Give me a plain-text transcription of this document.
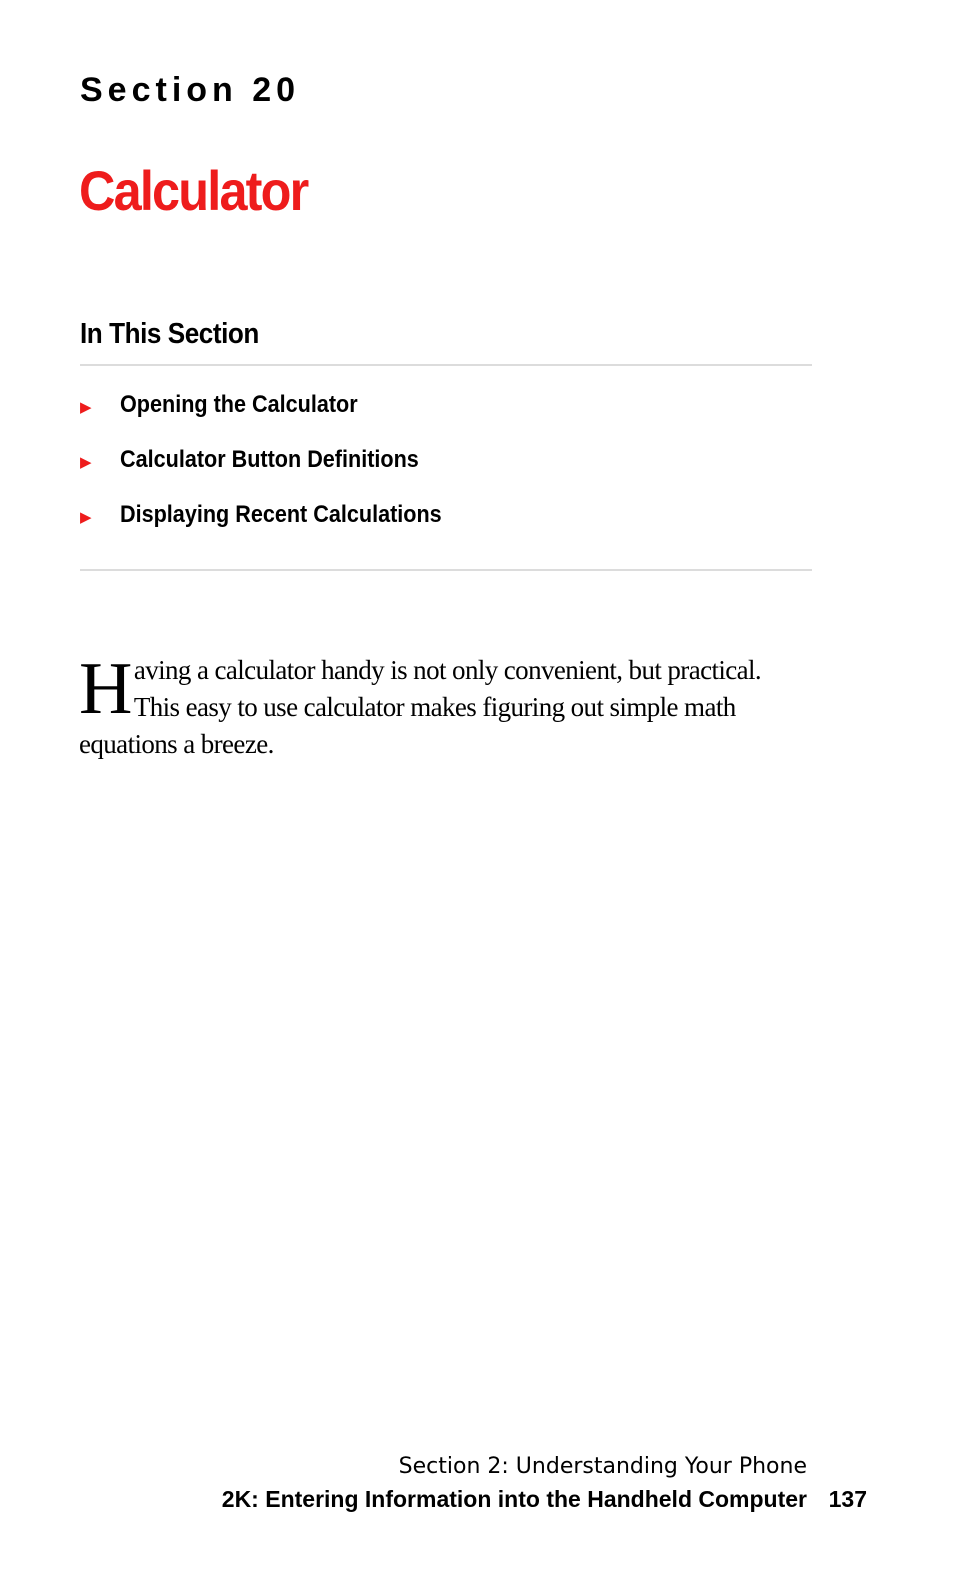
Section 20
Calculator
In This Section
▶	Opening the Calculator
▶	Calculator Button Definitions
▶	Displaying Recent Calculations

Having a calculator handy is not only convenient, but practical. This easy to use calculator makes figuring out simple math equations a breeze.

Section 2: Understanding Your Phone
2K: Entering Information into the Handheld Computer 137
